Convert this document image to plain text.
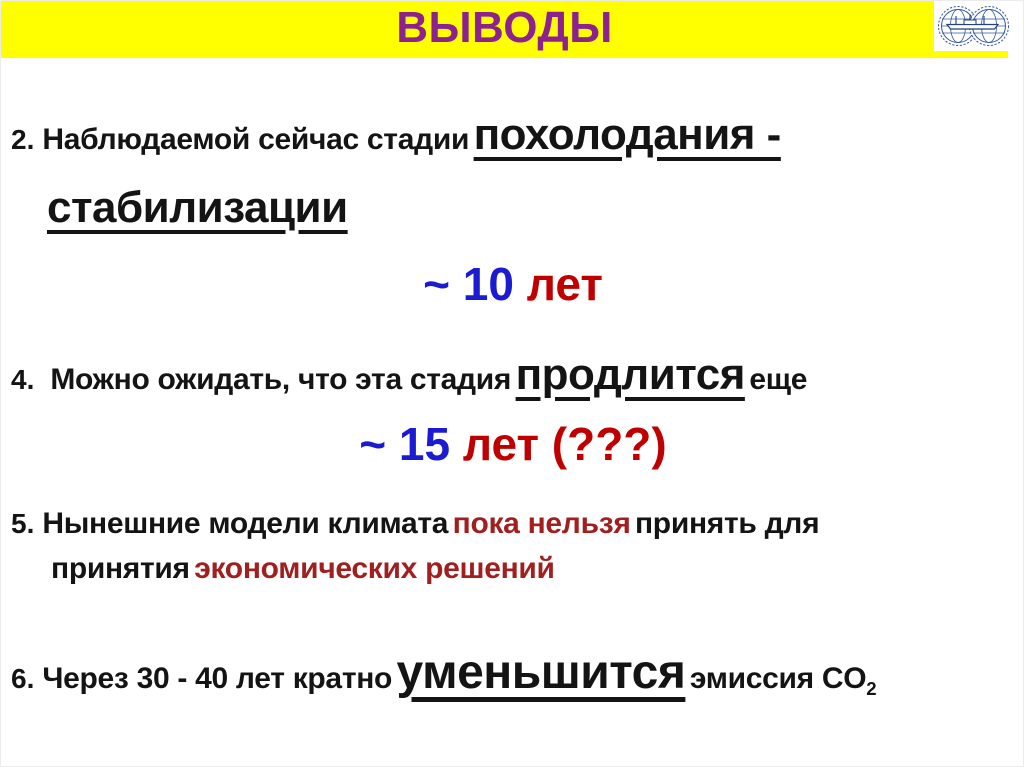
ВЫВОДЫ
2. Наблюдаемой сейчас стадии похолодания -
стабилизации
~ 10 лет
4. Можно ожидать, что эта стадия продлится еще
~ 15 лет (???)
5. Нынешние модели климата пока нельзя принять для
принятия экономических решений
6. Через 30 - 40 лет кратно уменьшится эмиссия $CO_2$
